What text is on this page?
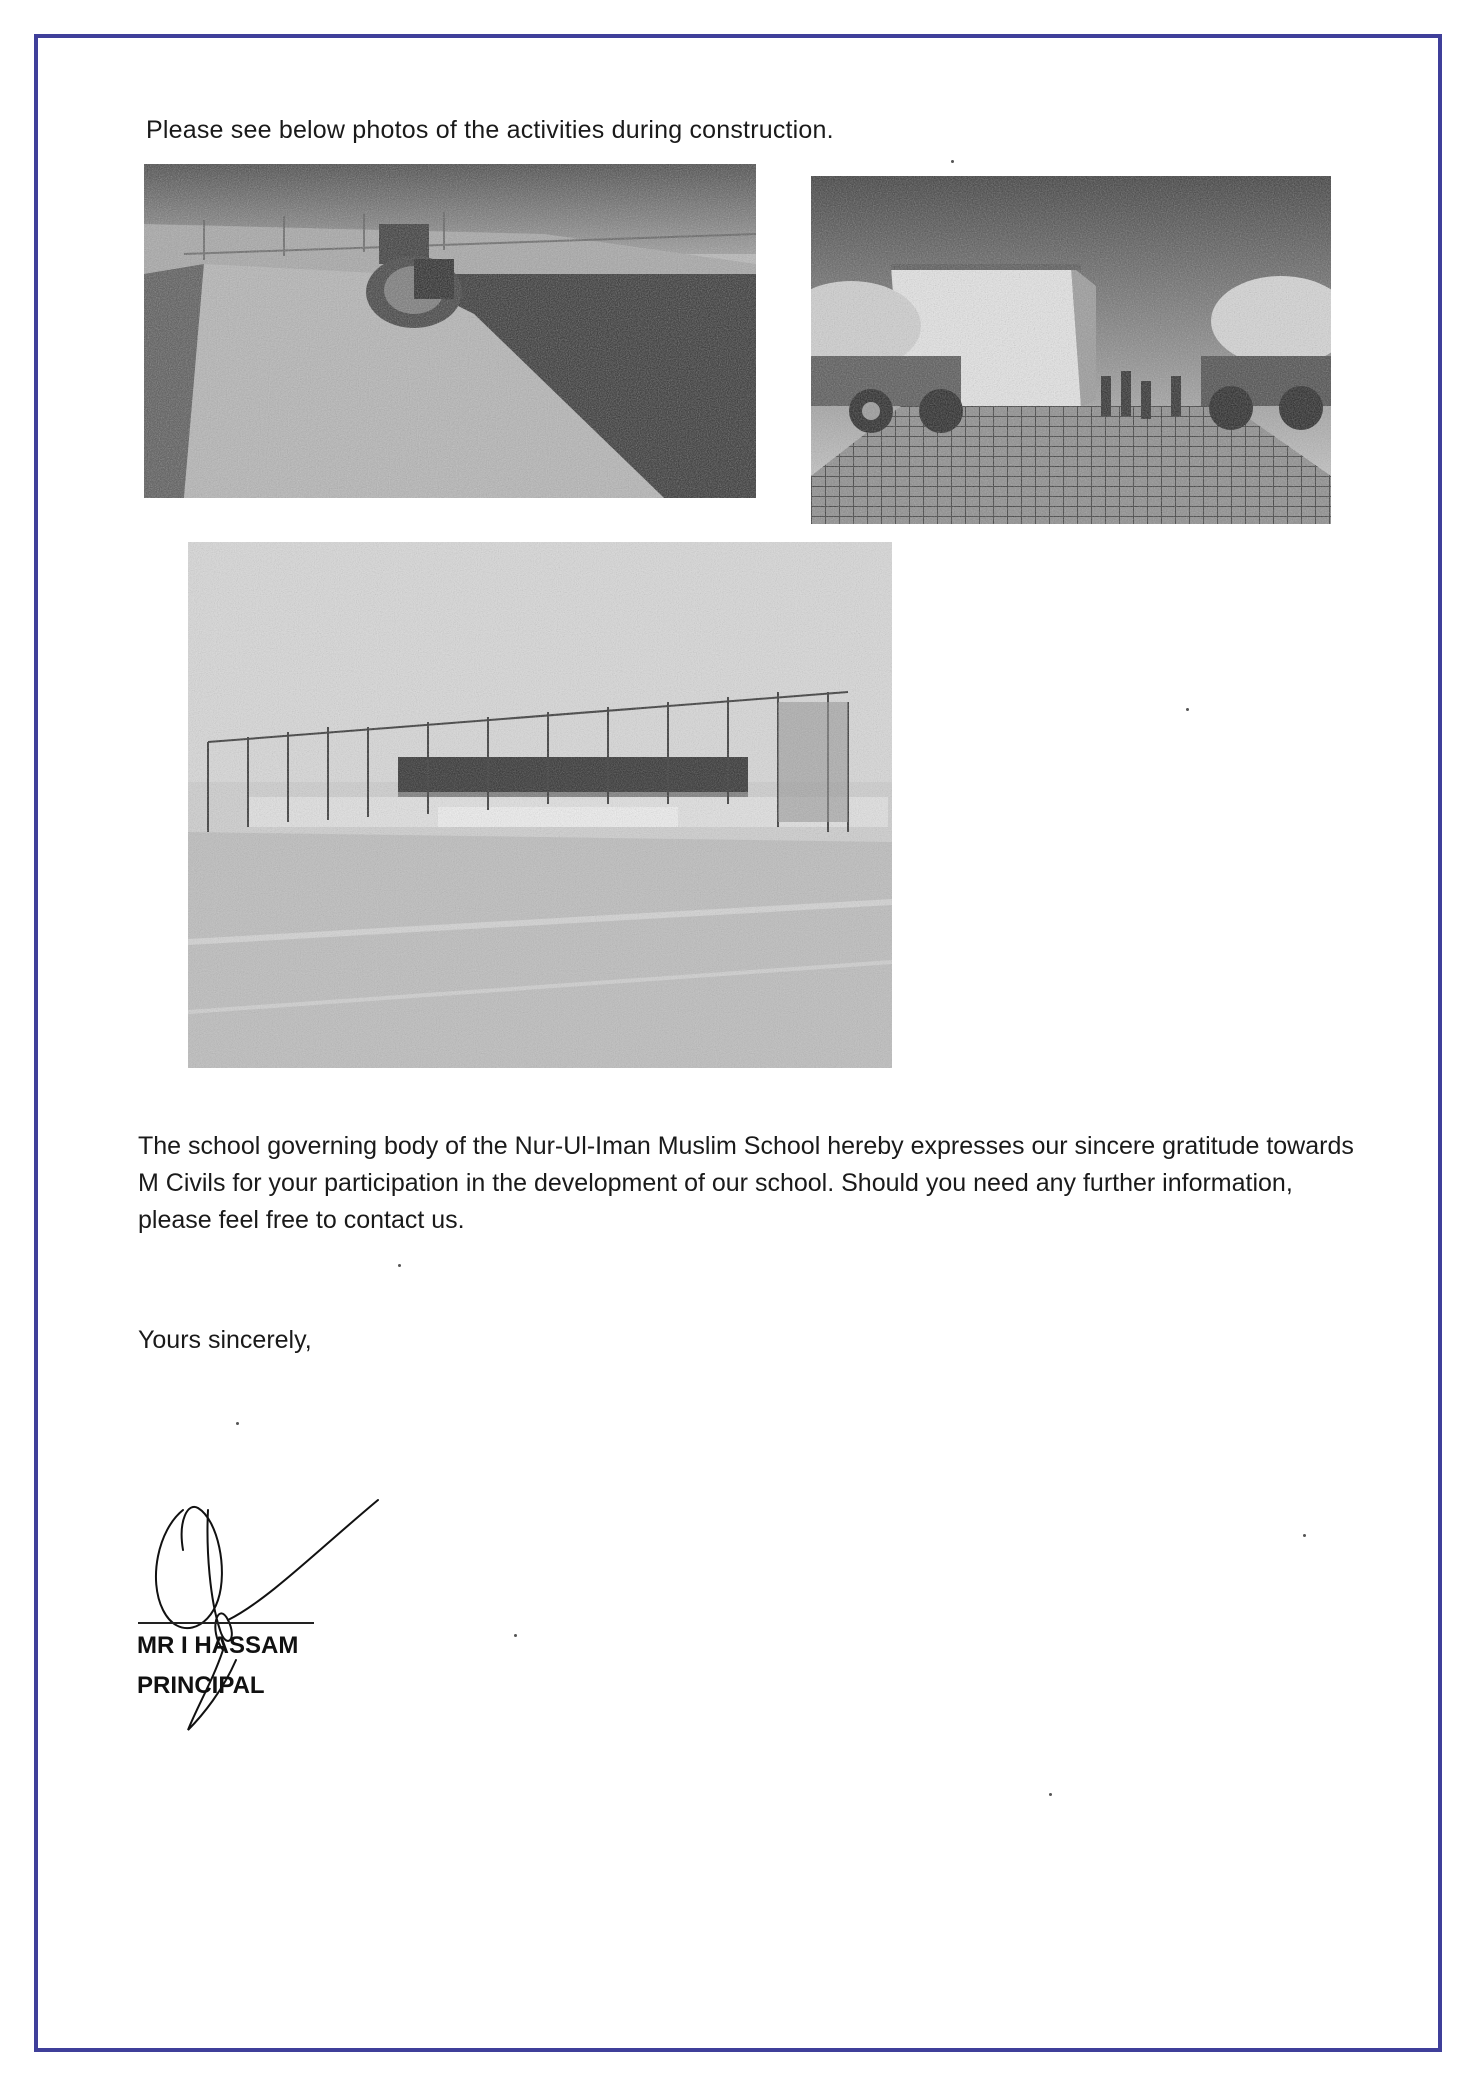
Please see below photos of the activities during construction.
The school governing body of the Nur-Ul-Iman Muslim School hereby expresses our sincere gratitude towards M Civils for your participation in the development of our school. Should you need any further information, please feel free to contact us.
Yours sincerely,
MR I HASSAM
PRINCIPAL
